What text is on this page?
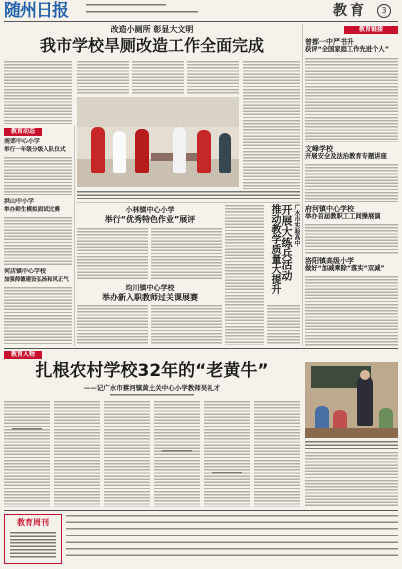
随州日报	教育	3
改造小厕所 彰显大文明
我市学校旱厕改造工作全面完成
教育动态
南郊中心小学
举行一年级分级入队仪式
洪山中小学
举办师生模拟面试比赛
何店镇中心学校
加强师德建设弘扬和风正气
小林镇中心小学
举行“优秀特色作业”展评
均川镇中心学校
举办新入职教师过关课展赛
广水市实验高中
开展大练兵活动
推动教学质量大提升
教育链接
曾都一中严书升
获评“全国家庭工作先进个人”
文峰学校
开展安全及法治教育专题讲座
府河镇中心学校
举办首届教职工工间操展演
洛阳镇高级小学
做好“加减乘除”落实“双减”
教育人物
扎根农村学校32年的“老黄牛”
——记广水市蔡河镇黄土关中心小学教师吴礼才
教育周刊
